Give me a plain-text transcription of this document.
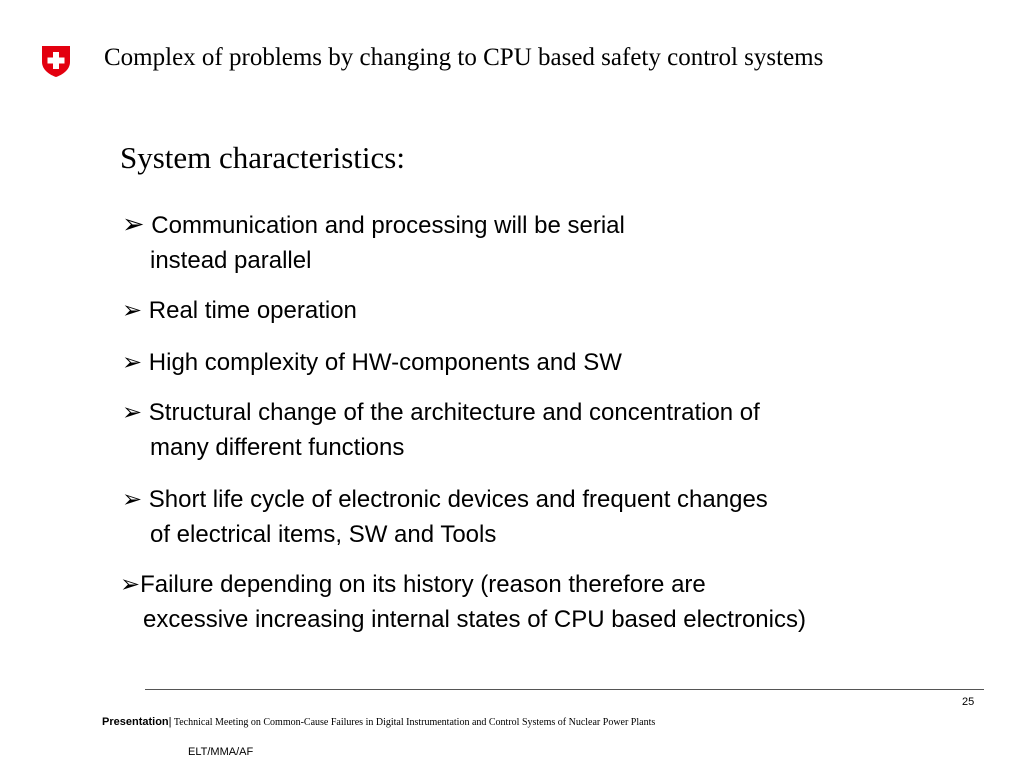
Complex of problems by changing to CPU based safety control systems
System characteristics:
➢ Communication and processing will be serial
instead parallel
➢ Real time operation
➢ High complexity of HW-components and SW
➢ Structural change of the architecture and concentration of
many different functions
➢ Short life cycle of electronic devices and frequent changes
of electrical items, SW and Tools
➢Failure depending on its history (reason therefore are
excessive increasing internal states of CPU based electronics)
25
Presentation| Technical Meeting on Common-Cause Failures in Digital Instrumentation and Control Systems of Nuclear Power Plants
ELT/MMA/AF
